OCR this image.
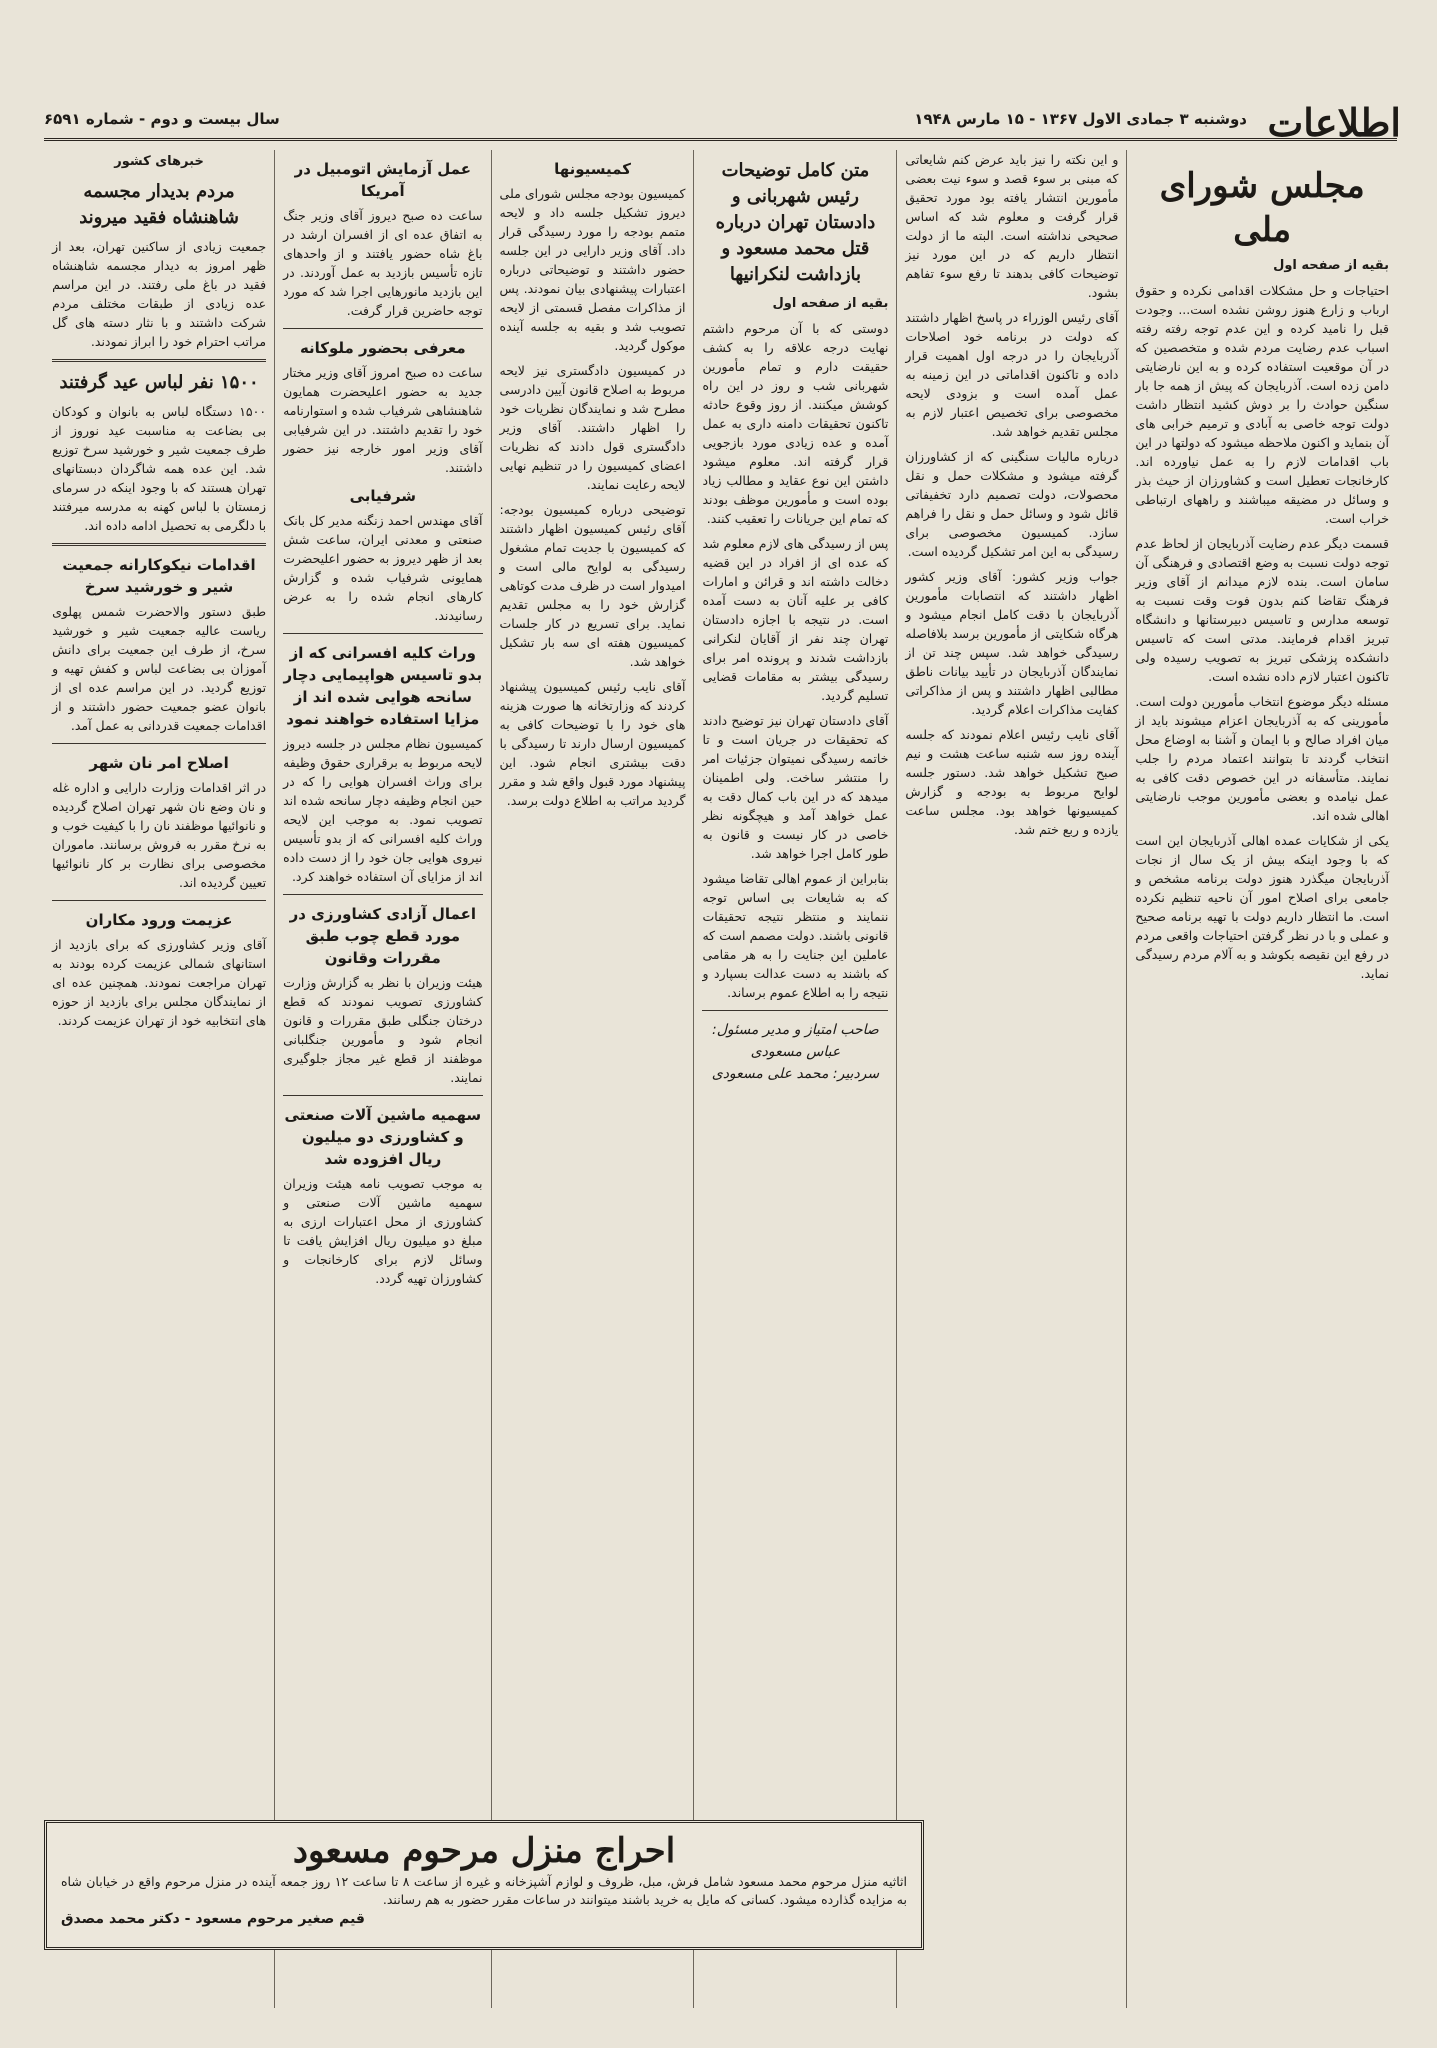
دوشنبه ۳ جمادی الاول ۱۳۶۷ - ۱۵ مارس ۱۹۴۸
سال بیست و دوم - شماره ۶۵۹۱	اطلاعات
مجلس شورای ملی
بقیه از صفحه اول

احتیاجات و حل مشکلات اقدامی نکرده و حقوق ارباب و زارع هنوز روشن نشده است... وجودت قبل را نامید کرده و این عدم توجه رفته رفته اسباب عدم رضایت مردم شده و متخصصین که در آن موقعیت استفاده کرده و به این نارضایتی دامن زده است. آذربایجان که پیش از همه جا بار سنگین حوادث را بر دوش کشید انتظار داشت دولت توجه خاصی به آبادی و ترمیم خرابی های آن بنماید و اکنون ملاحظه میشود که دولتها در این باب اقدامات لازم را به عمل نیاورده اند. کارخانجات تعطیل است و کشاورزان از حیث بذر و وسائل در مضیقه میباشند و راههای ارتباطی خراب است.

قسمت دیگر عدم رضایت آذربایجان از لحاظ عدم توجه دولت نسبت به وضع اقتصادی و فرهنگی آن سامان است. بنده لازم میدانم از آقای وزیر فرهنگ تقاضا کنم بدون فوت وقت نسبت به توسعه مدارس و تاسیس دبیرستانها و دانشگاه تبریز اقدام فرمایند. مدتی است که تاسیس دانشکده پزشکی تبریز به تصویب رسیده ولی تاکنون اعتبار لازم داده نشده است.

مسئله دیگر موضوع انتخاب مأمورین دولت است. مأمورینی که به آذربایجان اعزام میشوند باید از میان افراد صالح و با ایمان و آشنا به اوضاع محل انتخاب گردند تا بتوانند اعتماد مردم را جلب نمایند. متأسفانه در این خصوص دقت کافی به عمل نیامده و بعضی مأمورین موجب نارضایتی اهالی شده اند.

یکی از شکایات عمده اهالی آذربایجان این است که با وجود اینکه بیش از یک سال از نجات آذربایجان میگذرد هنوز دولت برنامه مشخص و جامعی برای اصلاح امور آن ناحیه تنظیم نکرده است. ما انتظار داریم دولت با تهیه برنامه صحیح و عملی و با در نظر گرفتن احتیاجات واقعی مردم در رفع این نقیصه بکوشد و به آلام مردم رسیدگی نماید.

و این نکته را نیز باید عرض کنم شایعاتی که مبنی بر سوء قصد و سوء نیت بعضی مأمورین انتشار یافته بود مورد تحقیق قرار گرفت و معلوم شد که اساس صحیحی نداشته است. البته ما از دولت انتظار داریم که در این مورد نیز توضیحات کافی بدهند تا رفع سوء تفاهم بشود.

آقای رئیس الوزراء در پاسخ اظهار داشتند که دولت در برنامه خود اصلاحات آذربایجان را در درجه اول اهمیت قرار داده و تاکنون اقداماتی در این زمینه به عمل آمده است و بزودی لایحه مخصوصی برای تخصیص اعتبار لازم به مجلس تقدیم خواهد شد.

درباره مالیات سنگینی که از کشاورزان گرفته میشود و مشکلات حمل و نقل محصولات، دولت تصمیم دارد تخفیفاتی قائل شود و وسائل حمل و نقل را فراهم سازد. کمیسیون مخصوصی برای رسیدگی به این امر تشکیل گردیده است.

جواب وزیر کشور: آقای وزیر کشور اظهار داشتند که انتصابات مأمورین آذربایجان با دقت کامل انجام میشود و هرگاه شکایتی از مأمورین برسد بلافاصله رسیدگی خواهد شد. سپس چند تن از نمایندگان آذربایجان در تأیید بیانات ناطق مطالبی اظهار داشتند و پس از مذاکراتی کفایت مذاکرات اعلام گردید.

آقای نایب رئیس اعلام نمودند که جلسه آینده روز سه شنبه ساعت هشت و نیم صبح تشکیل خواهد شد. دستور جلسه لوایح مربوط به بودجه و گزارش کمیسیونها خواهد بود. مجلس ساعت یازده و ربع ختم شد.

متن کامل توضیحات رئیس شهربانی و دادستان تهران درباره قتل محمد مسعود و بازداشت لنکرانیها
بقیه از صفحه اول

دوستی که با آن مرحوم داشتم نهایت درجه علاقه را به کشف حقیقت دارم و تمام مأمورین شهربانی شب و روز در این راه کوشش میکنند. از روز وقوع حادثه تاکنون تحقیقات دامنه داری به عمل آمده و عده زیادی مورد بازجویی قرار گرفته اند. معلوم میشود داشتن این نوع عقاید و مطالب زیاد بوده است و مأمورین موظف بودند که تمام این جریانات را تعقیب کنند.

پس از رسیدگی های لازم معلوم شد که عده ای از افراد در این قضیه دخالت داشته اند و قرائن و امارات کافی بر علیه آنان به دست آمده است. در نتیجه با اجازه دادستان تهران چند نفر از آقایان لنکرانی بازداشت شدند و پرونده امر برای رسیدگی بیشتر به مقامات قضایی تسلیم گردید.

آقای دادستان تهران نیز توضیح دادند که تحقیقات در جریان است و تا خاتمه رسیدگی نمیتوان جزئیات امر را منتشر ساخت. ولی اطمینان میدهد که در این باب کمال دقت به عمل خواهد آمد و هیچگونه نظر خاصی در کار نیست و قانون به طور کامل اجرا خواهد شد.

بنابراین از عموم اهالی تقاضا میشود که به شایعات بی اساس توجه ننمایند و منتظر نتیجه تحقیقات قانونی باشند. دولت مصمم است که عاملین این جنایت را به هر مقامی که باشند به دست عدالت بسپارد و نتیجه را به اطلاع عموم برساند.

صاحب امتیاز و مدیر مسئول: عباس مسعودی
سردبیر: محمد علی مسعودی
کمیسیونها

کمیسیون بودجه مجلس شورای ملی دیروز تشکیل جلسه داد و لایحه متمم بودجه را مورد رسیدگی قرار داد. آقای وزیر دارایی در این جلسه حضور داشتند و توضیحاتی درباره اعتبارات پیشنهادی بیان نمودند. پس از مذاکرات مفصل قسمتی از لایحه تصویب شد و بقیه به جلسه آینده موکول گردید.

در کمیسیون دادگستری نیز لایحه مربوط به اصلاح قانون آیین دادرسی مطرح شد و نمایندگان نظریات خود را اظهار داشتند. آقای وزیر دادگستری قول دادند که نظریات اعضای کمیسیون را در تنظیم نهایی لایحه رعایت نمایند.

توضیحی درباره کمیسیون بودجه: آقای رئیس کمیسیون اظهار داشتند که کمیسیون با جدیت تمام مشغول رسیدگی به لوایح مالی است و امیدوار است در ظرف مدت کوتاهی گزارش خود را به مجلس تقدیم نماید. برای تسریع در کار جلسات کمیسیون هفته ای سه بار تشکیل خواهد شد.

آقای نایب رئیس کمیسیون پیشنهاد کردند که وزارتخانه ها صورت هزینه های خود را با توضیحات کافی به کمیسیون ارسال دارند تا رسیدگی با دقت بیشتری انجام شود. این پیشنهاد مورد قبول واقع شد و مقرر گردید مراتب به اطلاع دولت برسد.

عمل آزمایش اتومبیل در آمریکا

ساعت ده صبح دیروز آقای وزیر جنگ به اتفاق عده ای از افسران ارشد در باغ شاه حضور یافتند و از واحدهای تازه تأسیس بازدید به عمل آوردند. در این بازدید مانورهایی اجرا شد که مورد توجه حاضرین قرار گرفت.

معرفی بحضور ملوکانه

ساعت ده صبح امروز آقای وزیر مختار جدید به حضور اعلیحضرت همایون شاهنشاهی شرفیاب شده و استوارنامه خود را تقدیم داشتند. در این شرفیابی آقای وزیر امور خارجه نیز حضور داشتند.

شرفیابی

آقای مهندس احمد زنگنه مدیر کل بانک صنعتی و معدنی ایران، ساعت شش بعد از ظهر دیروز به حضور اعلیحضرت همایونی شرفیاب شده و گزارش کارهای انجام شده را به عرض رسانیدند.

وراث کلیه افسرانی که از بدو تاسیس هواپیمایی دچار سانحه هوایی شده اند از مزایا استفاده خواهند نمود

کمیسیون نظام مجلس در جلسه دیروز لایحه مربوط به برقراری حقوق وظیفه برای وراث افسران هوایی را که در حین انجام وظیفه دچار سانحه شده اند تصویب نمود. به موجب این لایحه وراث کلیه افسرانی که از بدو تأسیس نیروی هوایی جان خود را از دست داده اند از مزایای آن استفاده خواهند کرد.

اعمال آزادی کشاورزی در مورد قطع چوب طبق مقررات وقانون

هیئت وزیران با نظر به گزارش وزارت کشاورزی تصویب نمودند که قطع درختان جنگلی طبق مقررات و قانون انجام شود و مأمورین جنگلبانی موظفند از قطع غیر مجاز جلوگیری نمایند.

سهمیه ماشین آلات صنعتی و کشاورزی دو میلیون ریال افزوده شد

به موجب تصویب نامه هیئت وزیران سهمیه ماشین آلات صنعتی و کشاورزی از محل اعتبارات ارزی به مبلغ دو میلیون ریال افزایش یافت تا وسائل لازم برای کارخانجات و کشاورزان تهیه گردد.

خبرهای کشور
مردم بدیدار مجسمه شاهنشاه فقید میروند

جمعیت زیادی از ساکنین تهران، بعد از ظهر امروز به دیدار مجسمه شاهنشاه فقید در باغ ملی رفتند. در این مراسم عده زیادی از طبقات مختلف مردم شرکت داشتند و با نثار دسته های گل مراتب احترام خود را ابراز نمودند.

۱۵۰۰ نفر لباس عید گرفتند

۱۵۰۰ دستگاه لباس به بانوان و کودکان بی بضاعت به مناسبت عید نوروز از طرف جمعیت شیر و خورشید سرخ توزیع شد. این عده همه شاگردان دبستانهای تهران هستند که با وجود اینکه در سرمای زمستان با لباس کهنه به مدرسه میرفتند با دلگرمی به تحصیل ادامه داده اند.

اقدامات نیکوکارانه جمعیت شیر و خورشید سرخ

طبق دستور والاحضرت شمس پهلوی ریاست عالیه جمعیت شیر و خورشید سرخ، از طرف این جمعیت برای دانش آموزان بی بضاعت لباس و کفش تهیه و توزیع گردید. در این مراسم عده ای از بانوان عضو جمعیت حضور داشتند و از اقدامات جمعیت قدردانی به عمل آمد.

اصلاح امر نان شهر

در اثر اقدامات وزارت دارایی و اداره غله و نان وضع نان شهر تهران اصلاح گردیده و نانوائیها موظفند نان را با کیفیت خوب و به نرخ مقرر به فروش برسانند. ماموران مخصوصی برای نظارت بر کار نانوائیها تعیین گردیده اند.

عزیمت ورود مکاران

آقای وزیر کشاورزی که برای بازدید از استانهای شمالی عزیمت کرده بودند به تهران مراجعت نمودند. همچنین عده ای از نمایندگان مجلس برای بازدید از حوزه های انتخابیه خود از تهران عزیمت کردند.

احراج منزل مرحوم مسعود
اثاثیه منزل مرحوم محمد مسعود شامل فرش، مبل، ظروف و لوازم آشپزخانه و غیره از ساعت ۸ تا ساعت ۱۲ روز جمعه آینده در منزل مرحوم واقع در خیابان شاه به مزایده گذارده میشود. کسانی که مایل به خرید باشند میتوانند در ساعات مقرر حضور به هم رسانند.
قیم صغیر مرحوم مسعود - دکتر محمد مصدق
